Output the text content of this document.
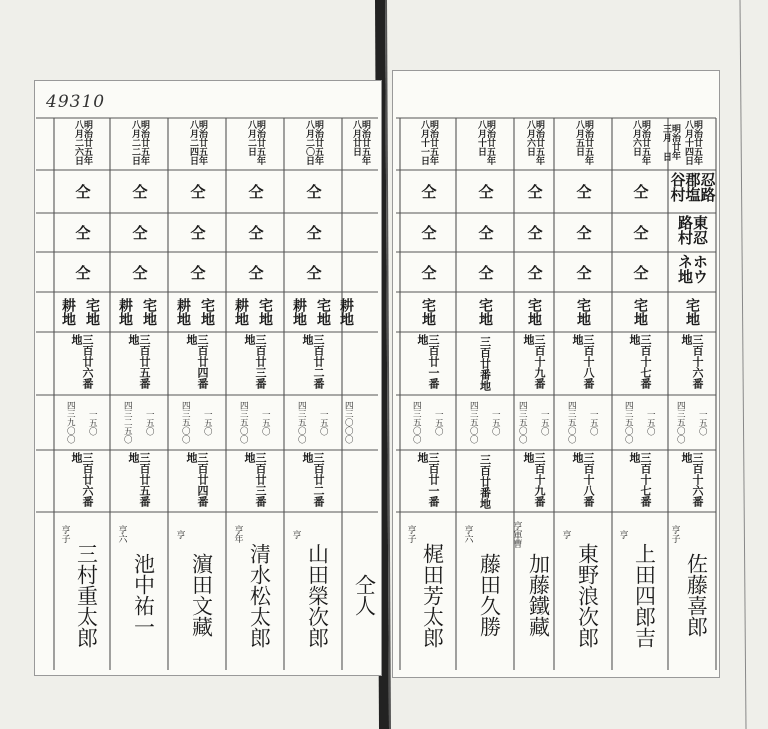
49310
明治廿五年八月二六日
仝
仝
仝
宅地
耕地
三百廿六番地
一五〇
四三九〇〇
三百廿六番地
亨子
三村重太郎
明治廿五年八月二二日
仝
仝
仝
宅地
耕地
三百廿五番地
一五〇
四三二五〇
三百廿五番地
亨六
池中祐一
明治廿五年八月二四日
仝
仝
仝
宅地
耕地
三百廿四番地
一五〇
四三五〇〇
三百廿四番地
亨
濵田文藏
明治廿五年八月二日
仝
仝
仝
宅地
耕地
三百廿三番地
一五〇
四三五〇〇
三百廿三番地
亨年
清水松太郎
明治廿五年八月二〇日
仝
仝
仝
宅地
耕地
三百廿二番地
一五〇
四三五〇〇
三百廿二番地
亨
山田榮次郎
明治廿五年八月廿日
耕地
四三〇〇〇
仝人
明治廿五年八月十一日
仝
仝
仝
宅地
三百廿一番地
一五〇
四三五〇〇
三百廿一番地
亨子
梶田芳太郎
明治廿五年八月十日
仝
仝
仝
宅地
三百廿番地
一五〇
四三五〇〇
三百廿番地
亨六
藤田久勝
明治廿五年八月六日
仝
仝
仝
宅地
三百十九番地
一五〇
四三五〇〇
三百十九番地
亨軍曹
加藤鐵藏
明治廿五年八月五日
仝
仝
仝
宅地
三百十八番地
一五〇
四三五〇〇
三百十八番地
亨
東野浪次郎
明治廿五年八月六日
仝
仝
仝
宅地
三百十七番地
一五〇
四三五〇〇
三百十七番地
亨
上田四郎吉
明治廿五年八月十四日
明治廿年三月 日
忍路郡塩谷村
東忍路村
ホウネ地
宅地
三百十六番地
一五〇
四三五〇〇
三百十六番地
亨子
佐藤喜郎
